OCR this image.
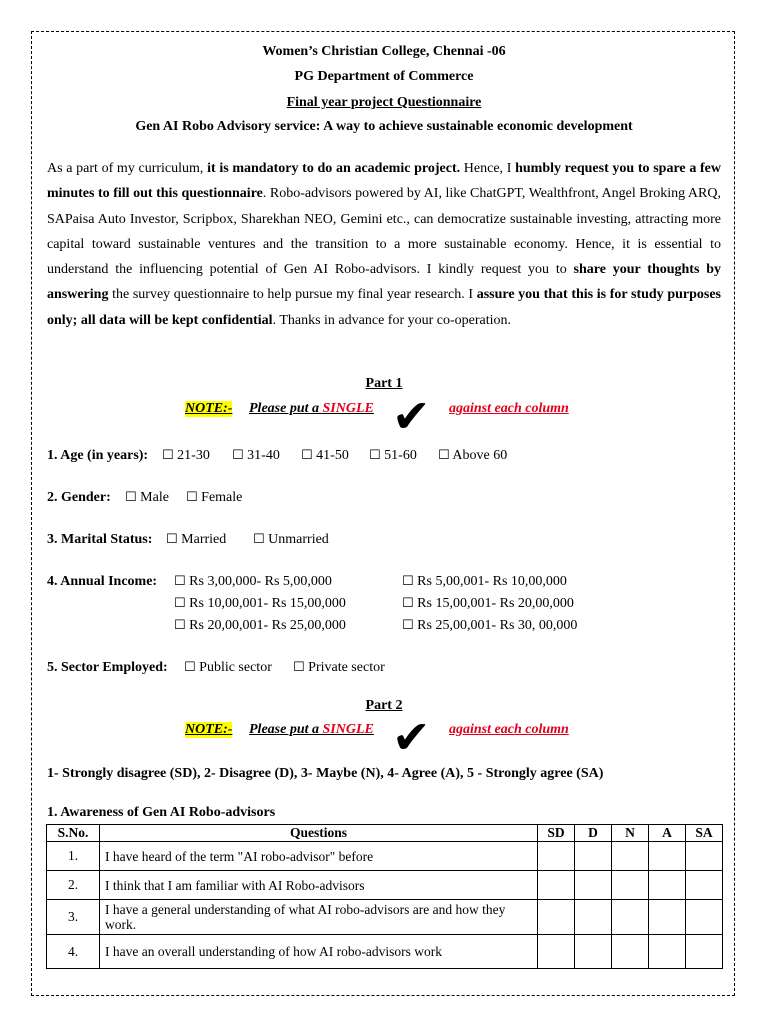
Women’s Christian College, Chennai -06
PG Department of Commerce
Final year project Questionnaire
Gen AI Robo Advisory service: A way to achieve sustainable economic development
As a part of my curriculum, it is mandatory to do an academic project. Hence, I humbly request you to spare a few minutes to fill out this questionnaire. Robo-advisors powered by AI, like ChatGPT, Wealthfront, Angel Broking ARQ, SAPaisa Auto Investor, Scripbox, Sharekhan NEO, Gemini etc., can democratize sustainable investing, attracting more capital toward sustainable ventures and the transition to a more sustainable economy. Hence, it is essential to understand the influencing potential of Gen AI Robo-advisors. I kindly request you to share your thoughts by answering the survey questionnaire to help pursue my final year research. I assure you that this is for study purposes only; all data will be kept confidential. Thanks in advance for your co-operation.
Part 1
NOTE:- Please put a SINGLE ✔ against each column
1. Age (in years): ☐ 21-30 ☐ 31-40 ☐ 41-50 ☐ 51-60 ☐ Above 60
2. Gender: ☐ Male ☐ Female
3. Marital Status: ☐ Married ☐ Unmarried
4. Annual Income: ☐ Rs 3,00,000- Rs 5,00,000	☐ Rs 5,00,001- Rs 10,00,000
☐ Rs 10,00,001- Rs 15,00,000	☐ Rs 15,00,001- Rs 20,00,000
☐ Rs 20,00,001- Rs 25,00,000	☐ Rs 25,00,001- Rs 30, 00,000
5. Sector Employed: ☐ Public sector ☐ Private sector
Part 2
NOTE:- Please put a SINGLE ✔ against each column
1- Strongly disagree (SD), 2- Disagree (D), 3- Maybe (N), 4- Agree (A), 5 - Strongly agree (SA)
1. Awareness of Gen AI Robo-advisors
S.No.	Questions	SD	D	N	A	SA
1.	I have heard of the term "AI robo-advisor" before					
2.	I think that I am familiar with AI Robo-advisors					
3.	I have a general understanding of what AI robo-advisors are and how they work.					
4.	I have an overall understanding of how AI robo-advisors work					
